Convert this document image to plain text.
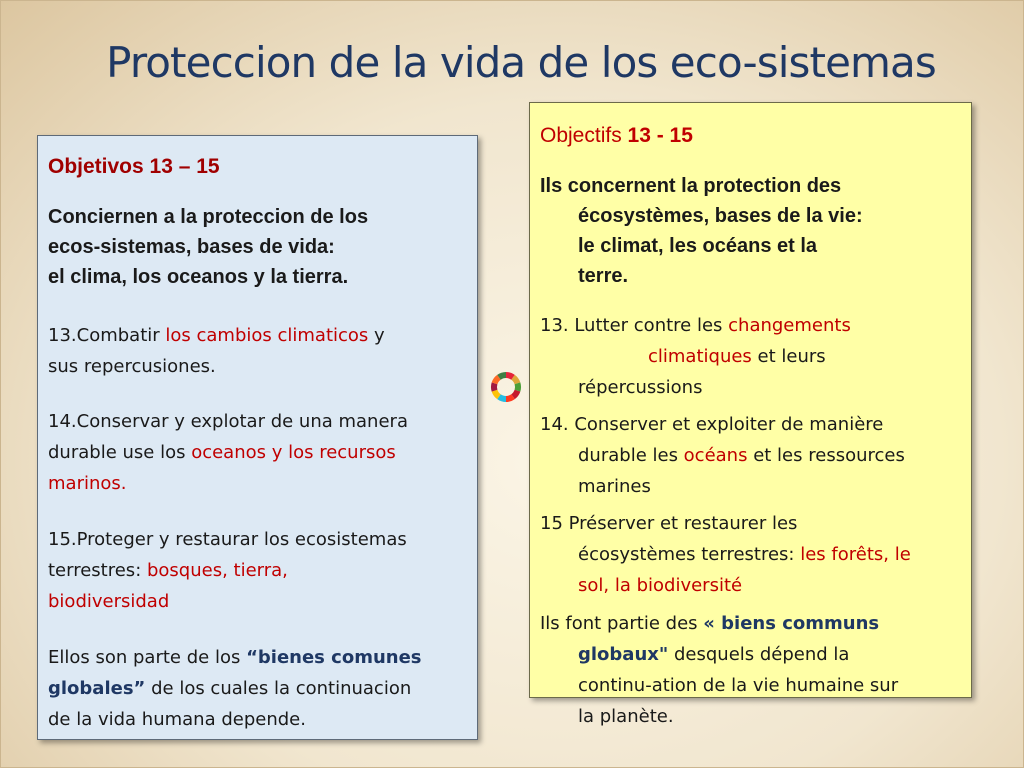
Proteccion de la vida de los eco-sistemas
Objetivos 13 – 15
Conciernen a la proteccion de los
ecos-sistemas, bases de vida:
el clima, los oceanos y la tierra.
13.Combatir los cambios climaticos y
sus repercusiones.
14.Conservar y explotar de una manera
durable use los oceanos y los recursos
marinos.
15.Proteger y restaurar los ecosistemas
terrestres: bosques, tierra,
biodiversidad
Ellos son parte de los “bienes comunes
globales” de los cuales la continuacion
de la vida humana depende.
Objectifs 13 - 15
Ils concernent la protection des
écosystèmes, bases de la vie:
le climat, les océans et la
terre.
13. Lutter contre les changements
climatiques et leurs
répercussions
14. Conserver et exploiter de manière
durable les océans et les ressources
marines
15 Préserver et restaurer les
écosystèmes terrestres: les forêts, le
sol, la biodiversité
Ils font partie des « biens communs
globaux" desquels dépend la
continu-ation de la vie humaine sur
la planète.
